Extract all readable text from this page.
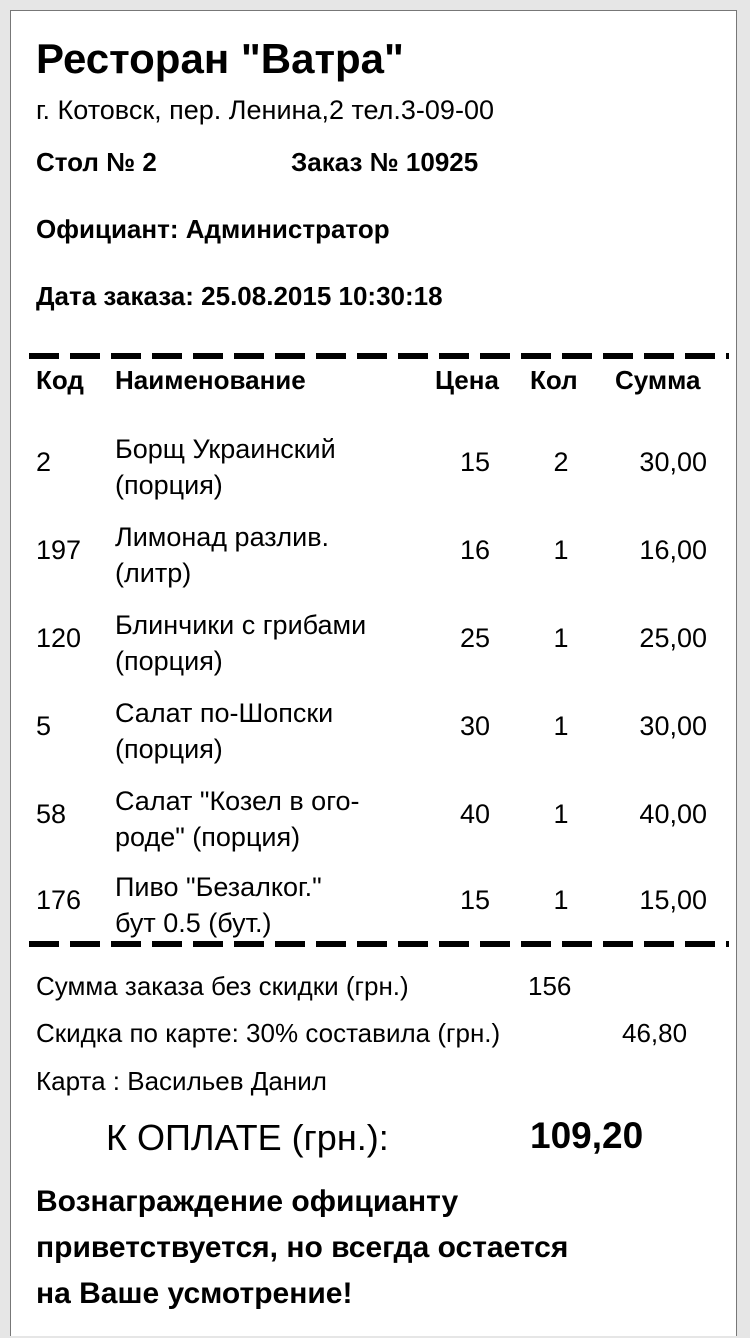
Ресторан "Ватра"
г. Котовск, пер. Ленина,2 тел.3-09-00
Стол № 2	Заказ № 10925
Официант: Администратор
Дата заказа: 25.08.2015 10:30:18
Код Наименование	Цена Кол Сумма
2 Борщ Украинский
(порция)
15	2	30,00
197 Лимонад разлив.
(литр)
16	1	16,00
120 Блинчики с грибами
(порция)
25	1	25,00
5 Салат по-Шопски
(порция)
30	1	30,00
58 Салат "Козел в ого-
роде" (порция)
40	1	40,00
176 Пиво "Безалког."
бут 0.5 (бут.)
15	1	15,00
Сумма заказа без скидки (грн.)	156
Скидка по карте: 30% составила (грн.)	46,80
Карта : Васильев Данил
К ОПЛАТЕ (грн.):	109,20
Вознаграждение официанту
приветствуется, но всегда остается
на Ваше усмотрение!
